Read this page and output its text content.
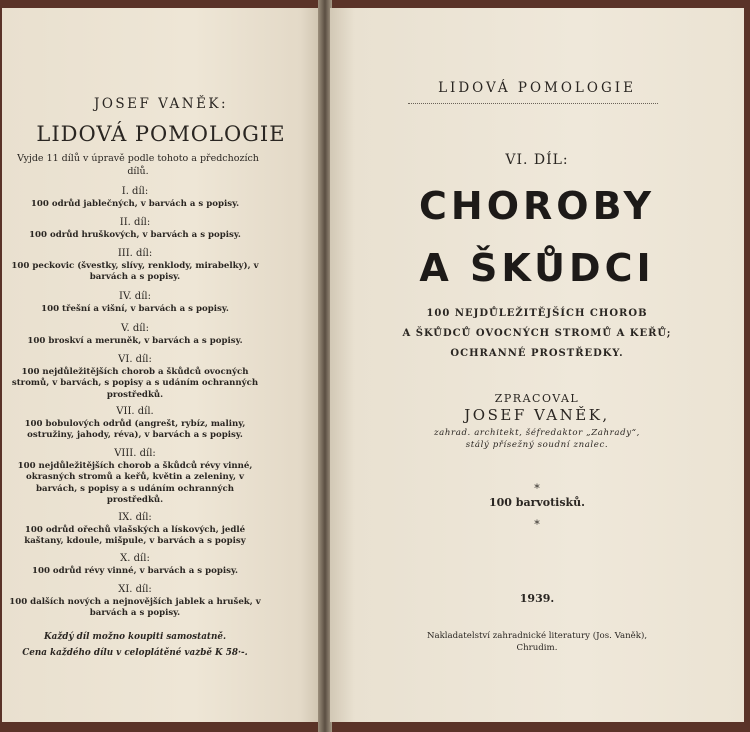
JOSEF VANĚK:
LIDOVÁ POMOLOGIE
Vyjde 11 dílů v úpravě podle tohoto a předchozích dílů.
I. díl:
100 odrůd jablečných, v barvách a s popisy.
II. díl:
100 odrůd hruškových, v barvách a s popisy.
III. díl:
100 peckovic (švestky, slívy, renklody, mirabelky), v barvách a s popisy.
IV. díl:
100 třešní a višní, v barvách a s popisy.
V. díl:
100 broskví a meruněk, v barvách a s popisy.
VI. díl:
100 nejdůležitějších chorob a škůdců ovocných stromů, v barvách, s popisy a s udáním ochranných prostředků.
VII. díl.
100 bobulových odrůd (angrešt, rybíz, maliny, ostružiny, jahody, réva), v barvách a s popisy.
VIII. díl:
100 nejdůležitějších chorob a škůdců révy vinné, okrasných stromů a keřů, květin a zeleniny, v barvách, s popisy a s udáním ochranných prostředků.
IX. díl:
100 odrůd ořechů vlašských a lískových, jedlé kaštany, kdoule, mišpule, v barvách a s popisy
X. díl:
100 odrůd révy vinné, v barvách a s popisy.
XI. díl:
100 dalších nových a nejnovějších jablek a hrušek, v barvách a s popisy.
Každý díl možno koupiti samostatně.
Cena každého dílu v celoplátěné vazbě K 58·-.
LIDOVÁ POMOLOGIE
VI. DÍL:
CHOROBY
A ŠKŮDCI
100 NEJDŮLEŽITĚJŠÍCH CHOROB
A ŠKŮDCŮ OVOCNÝCH STROMŮ A KEŘŮ;
OCHRANNÉ PROSTŘEDKY.
ZPRACOVAL
JOSEF VANĚK,
zahrad. architekt, šéfredaktor „Zahrady“,
stálý přísežný soudní znalec.
*
100 barvotisků.
*
1939.
Nakladatelství zahradnické literatury (Jos. Vaněk),
Chrudim.
